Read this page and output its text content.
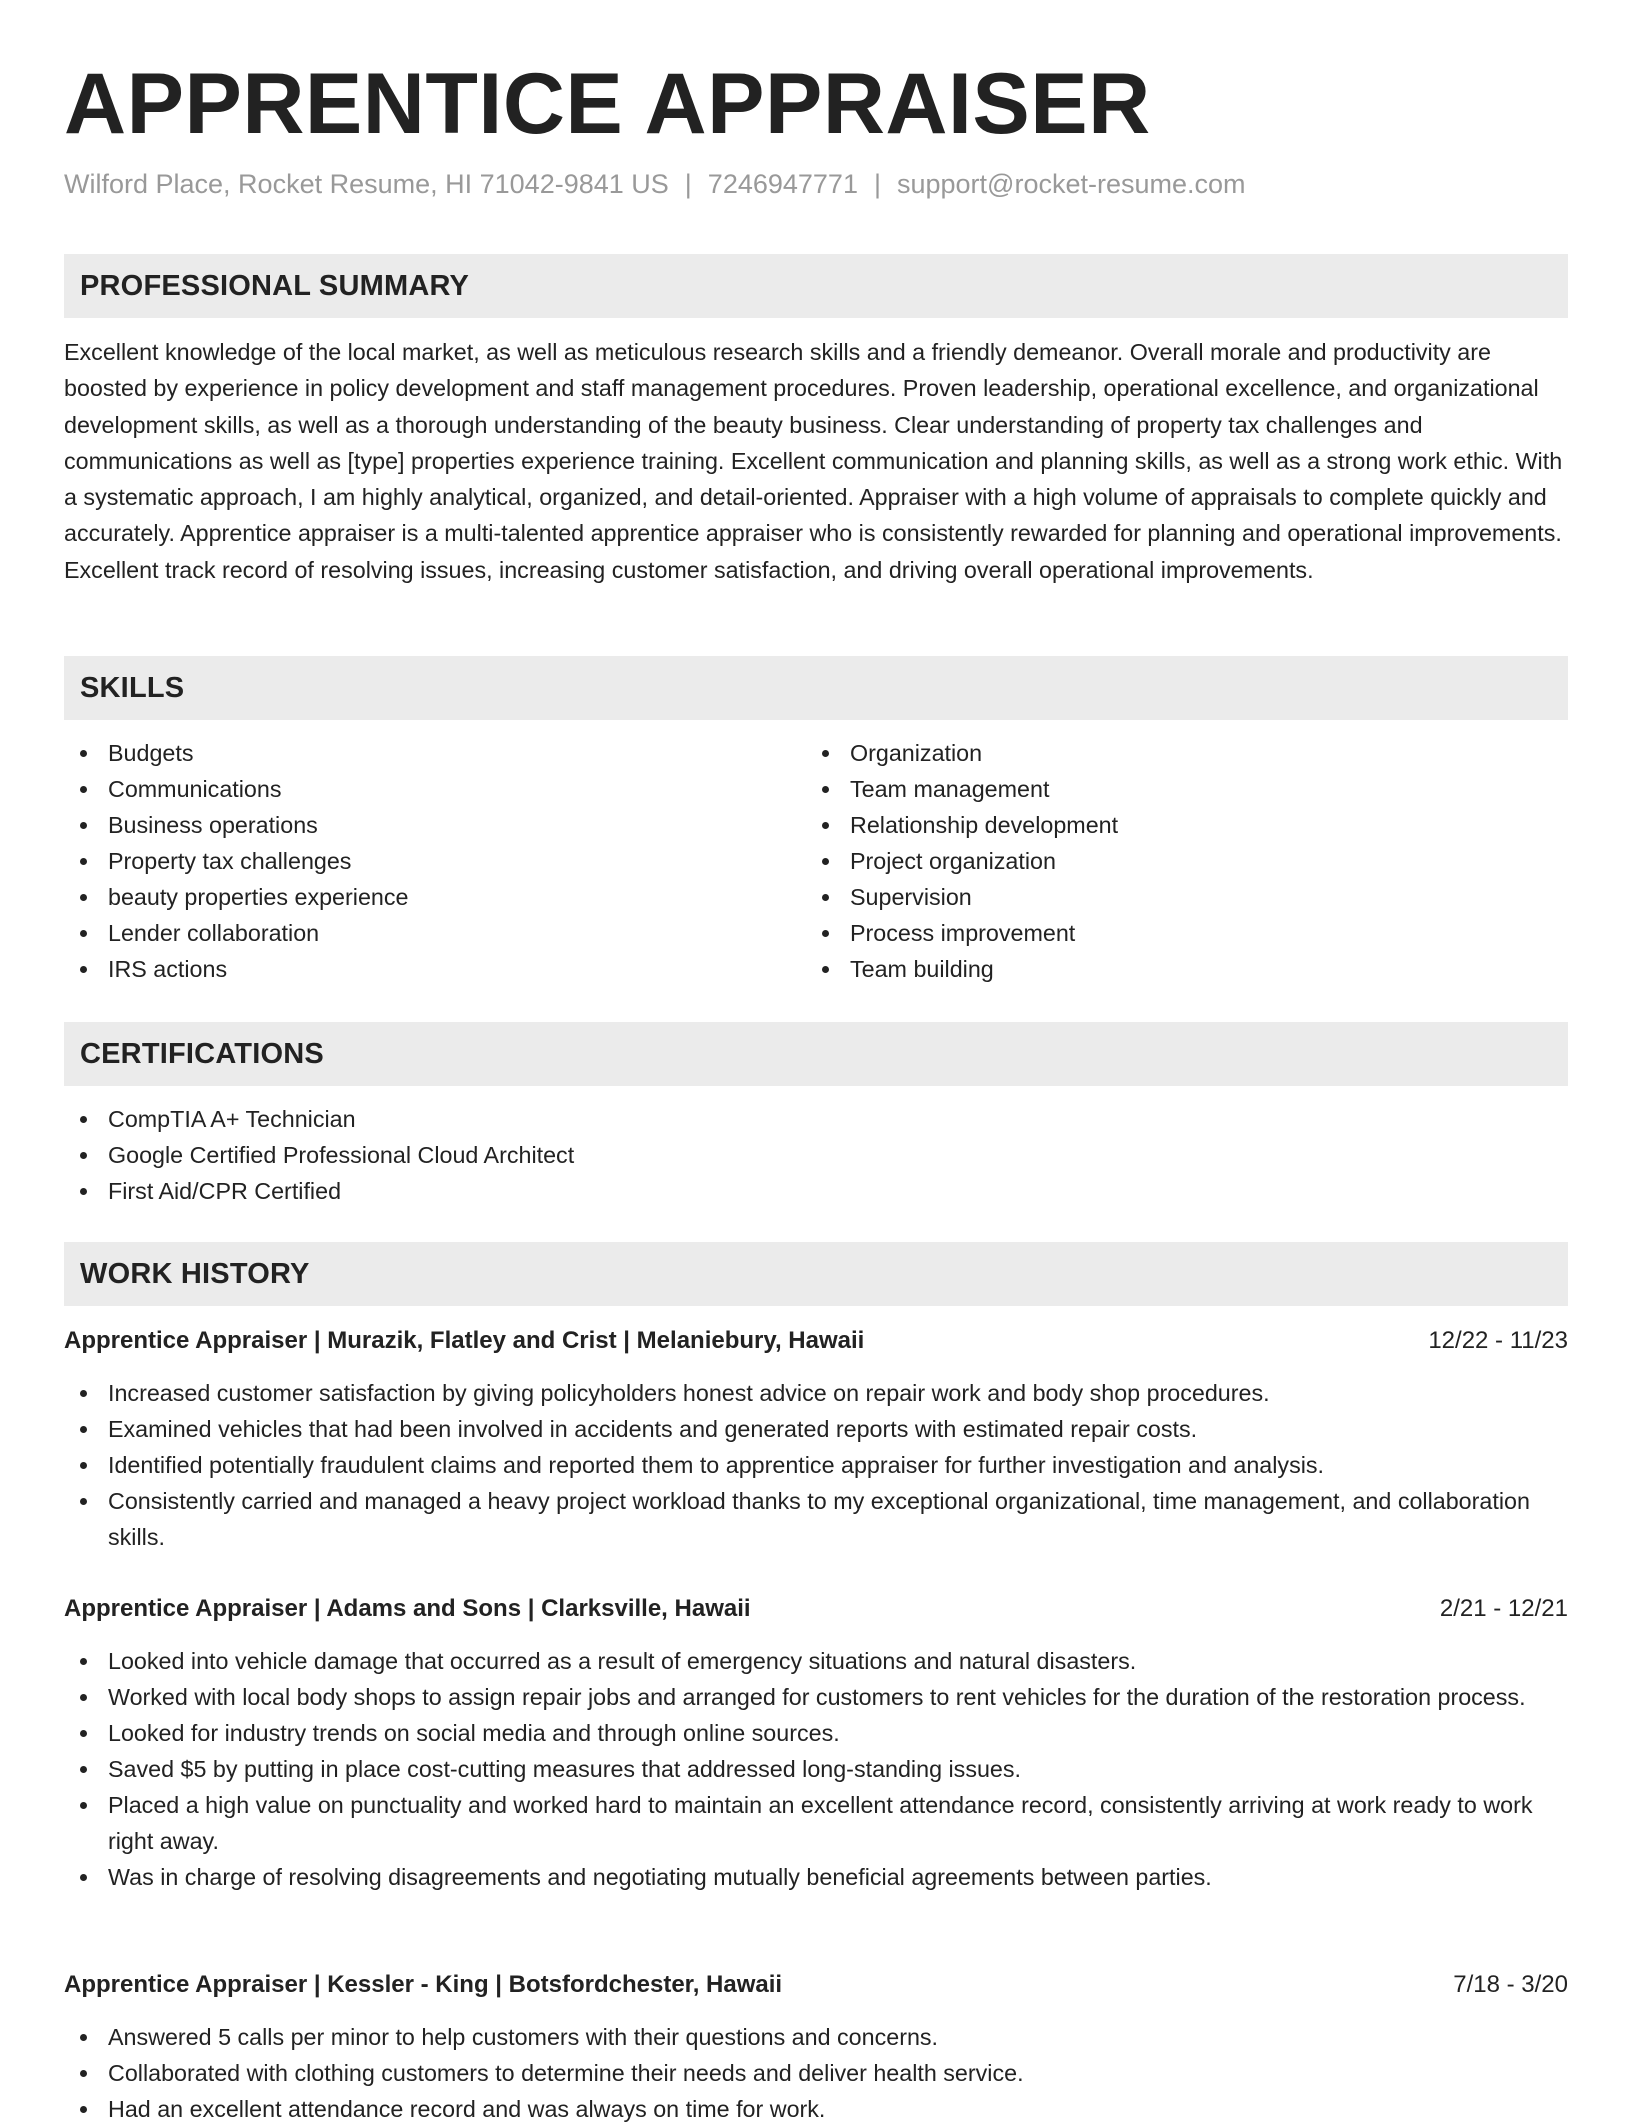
APPRENTICE APPRAISER
Wilford Place, Rocket Resume, HI 71042-9841 US | 7246947771 | support@rocket-resume.com
PROFESSIONAL SUMMARY

Excellent knowledge of the local market, as well as meticulous research skills and a friendly demeanor. Overall morale and productivity are boosted by experience in policy development and staff management procedures. Proven leadership, operational excellence, and organizational development skills, as well as a thorough understanding of the beauty business. Clear understanding of property tax challenges and communications as well as [type] properties experience training. Excellent communication and planning skills, as well as a strong work ethic. With a systematic approach, I am highly analytical, organized, and detail-oriented. Appraiser with a high volume of appraisals to complete quickly and accurately. Apprentice appraiser is a multi-talented apprentice appraiser who is consistently rewarded for planning and operational improvements. Excellent track record of resolving issues, increasing customer satisfaction, and driving overall operational improvements.

SKILLS
Budgets
Communications
Business operations
Property tax challenges
beauty properties experience
Lender collaboration
IRS actions
Organization
Team management
Relationship development
Project organization
Supervision
Process improvement
Team building
CERTIFICATIONS
CompTIA A+ Technician
Google Certified Professional Cloud Architect
First Aid/CPR Certified
WORK HISTORY
Apprentice Appraiser | Murazik, Flatley and Crist | Melaniebury, Hawaii	12/22 - 11/23
Increased customer satisfaction by giving policyholders honest advice on repair work and body shop procedures.
Examined vehicles that had been involved in accidents and generated reports with estimated repair costs.
Identified potentially fraudulent claims and reported them to apprentice appraiser for further investigation and analysis.
Consistently carried and managed a heavy project workload thanks to my exceptional organizational, time management, and collaboration skills.
Apprentice Appraiser | Adams and Sons | Clarksville, Hawaii	2/21 - 12/21
Looked into vehicle damage that occurred as a result of emergency situations and natural disasters.
Worked with local body shops to assign repair jobs and arranged for customers to rent vehicles for the duration of the restoration process.
Looked for industry trends on social media and through online sources.
Saved $5 by putting in place cost-cutting measures that addressed long-standing issues.
Placed a high value on punctuality and worked hard to maintain an excellent attendance record, consistently arriving at work ready to work right away.
Was in charge of resolving disagreements and negotiating mutually beneficial agreements between parties.
Apprentice Appraiser | Kessler - King | Botsfordchester, Hawaii	7/18 - 3/20
Answered 5 calls per minor to help customers with their questions and concerns.
Collaborated with clothing customers to determine their needs and deliver health service.
Had an excellent attendance record and was always on time for work.
